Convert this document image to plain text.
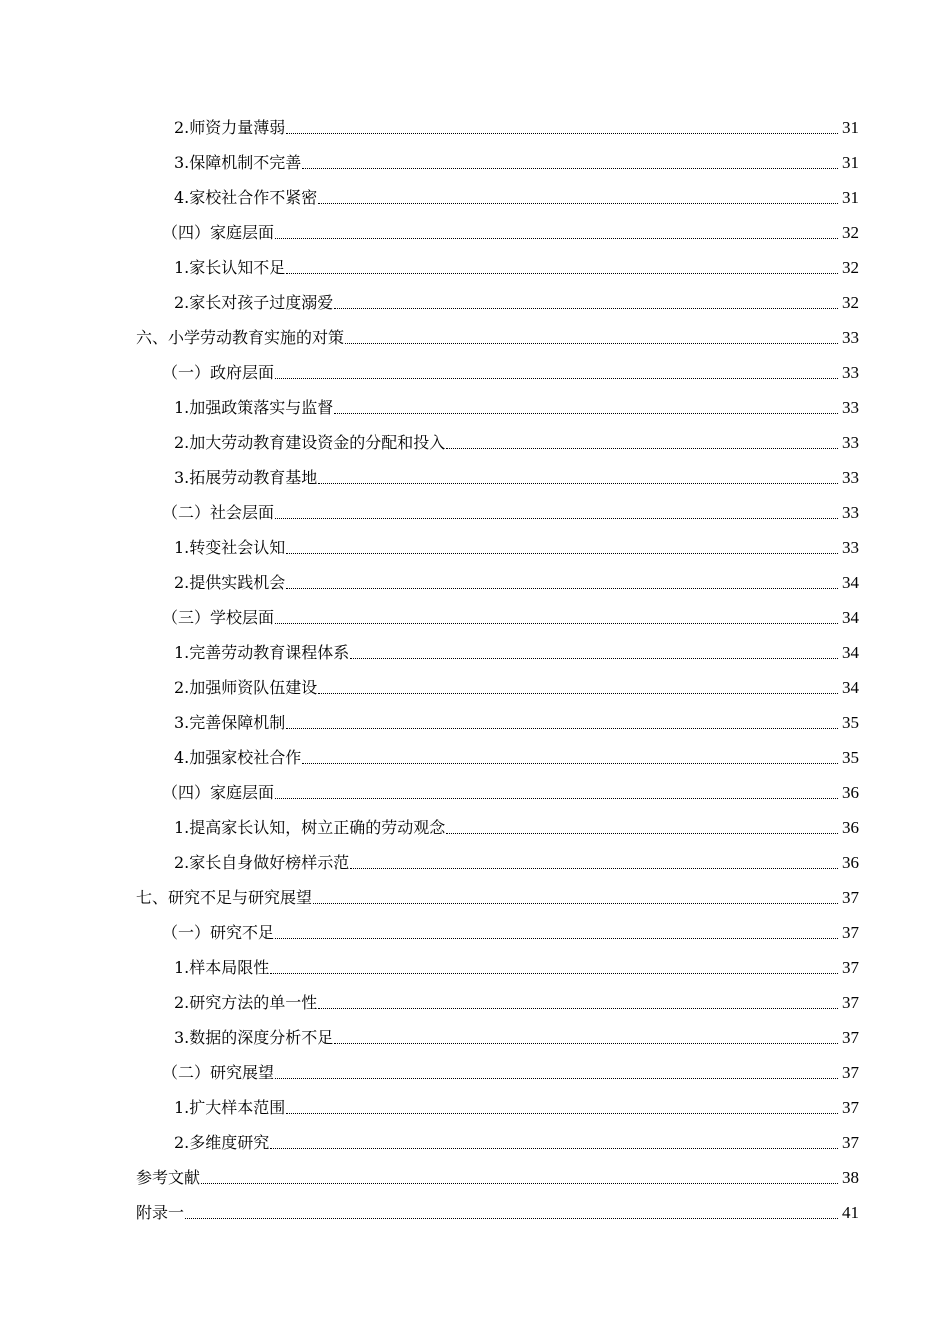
2.师资力量薄弱	31
3.保障机制不完善	31
4.家校社合作不紧密	31
（四）家庭层面	32
1.家长认知不足	32
2.家长对孩子过度溺爱	32
六、小学劳动教育实施的对策	33
（一）政府层面	33
1.加强政策落实与监督	33
2.加大劳动教育建设资金的分配和投入	33
3.拓展劳动教育基地	33
（二）社会层面	33
1.转变社会认知	33
2.提供实践机会	34
（三）学校层面	34
1.完善劳动教育课程体系	34
2.加强师资队伍建设	34
3.完善保障机制	35
4.加强家校社合作	35
（四）家庭层面	36
1.提高家长认知，树立正确的劳动观念	36
2.家长自身做好榜样示范	36
七、研究不足与研究展望	37
（一）研究不足	37
1.样本局限性	37
2.研究方法的单一性	37
3.数据的深度分析不足	37
（二）研究展望	37
1.扩大样本范围	37
2.多维度研究	37
参考文献	38
附录一	41
